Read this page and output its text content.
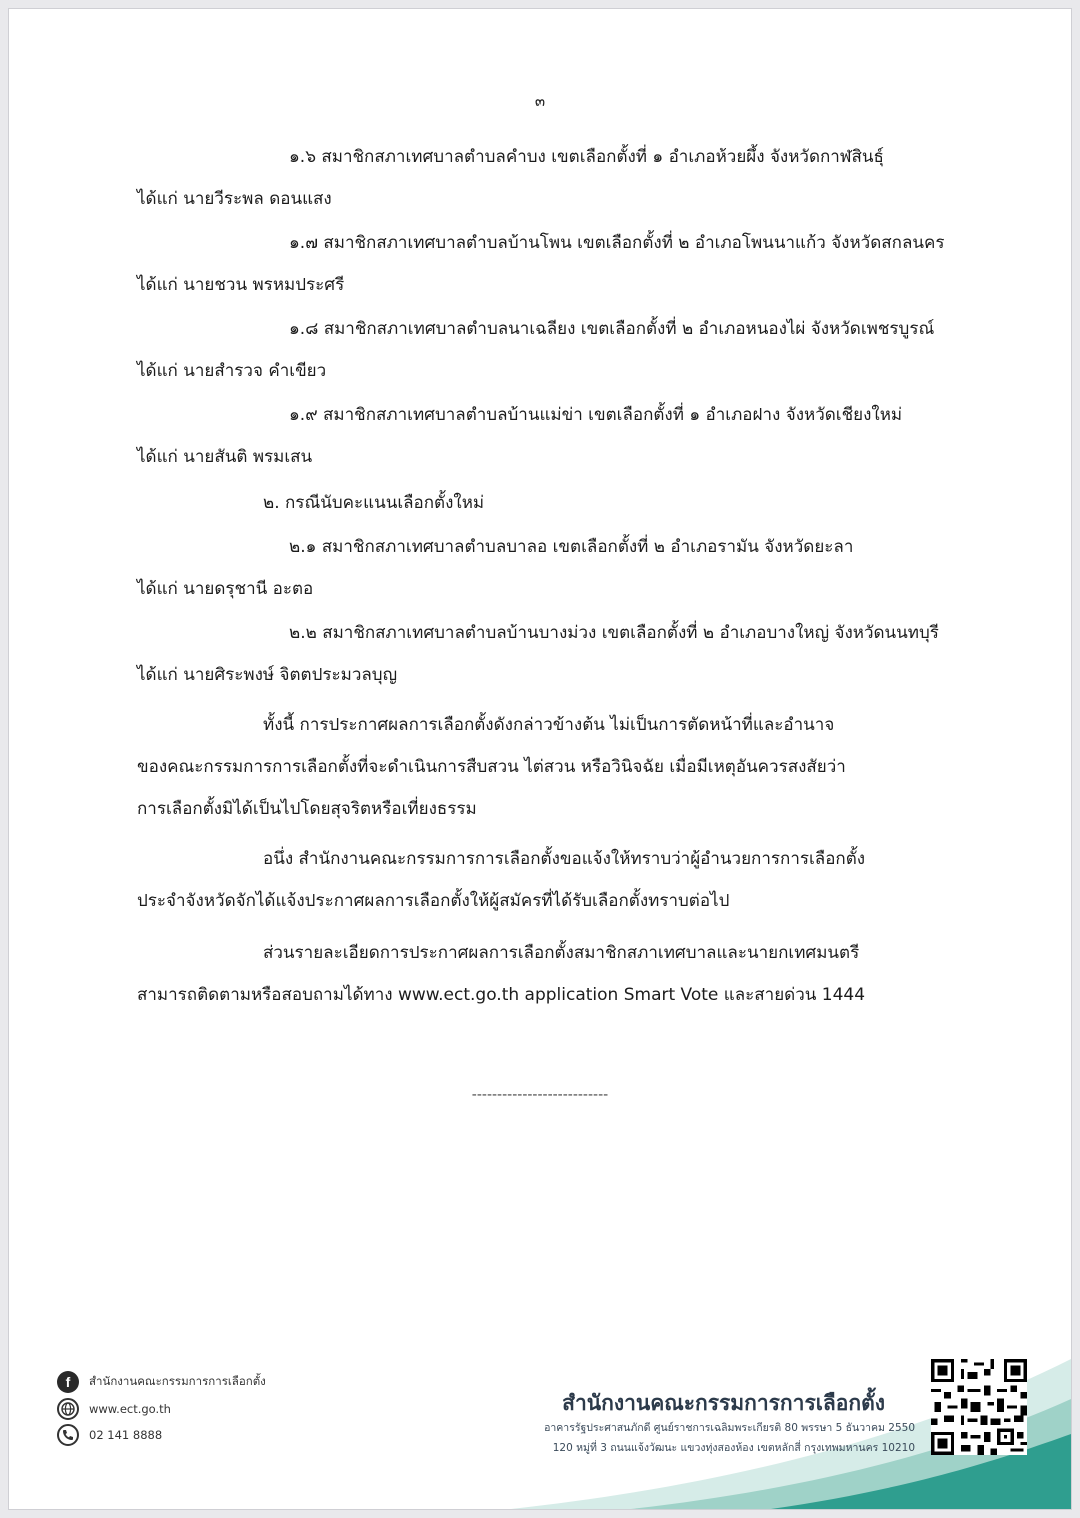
๓
๑.๖ สมาชิกสภาเทศบาลตำบลคำบง เขตเลือกตั้งที่ ๑ อำเภอห้วยผึ้ง จังหวัดกาฬสินธุ์
ได้แก่ นายวีระพล ดอนแสง
๑.๗ สมาชิกสภาเทศบาลตำบลบ้านโพน เขตเลือกตั้งที่ ๒ อำเภอโพนนาแก้ว จังหวัดสกลนคร
ได้แก่ นายชวน พรหมประศรี
๑.๘ สมาชิกสภาเทศบาลตำบลนาเฉลียง เขตเลือกตั้งที่ ๒ อำเภอหนองไผ่ จังหวัดเพชรบูรณ์
ได้แก่ นายสำรวจ คำเขียว
๑.๙ สมาชิกสภาเทศบาลตำบลบ้านแม่ข่า เขตเลือกตั้งที่ ๑ อำเภอฝาง จังหวัดเชียงใหม่
ได้แก่ นายสันติ พรมเสน
๒. กรณีนับคะแนนเลือกตั้งใหม่
๒.๑ สมาชิกสภาเทศบาลตำบลบาลอ เขตเลือกตั้งที่ ๒ อำเภอรามัน จังหวัดยะลา
ได้แก่ นายดรุชานี อะตอ
๒.๒ สมาชิกสภาเทศบาลตำบลบ้านบางม่วง เขตเลือกตั้งที่ ๒ อำเภอบางใหญ่ จังหวัดนนทบุรี
ได้แก่ นายศิระพงษ์ จิตตประมวลบุญ
ทั้งนี้ การประกาศผลการเลือกตั้งดังกล่าวข้างต้น ไม่เป็นการตัดหน้าที่และอำนาจ
ของคณะกรรมการการเลือกตั้งที่จะดำเนินการสืบสวน ไต่สวน หรือวินิจฉัย เมื่อมีเหตุอันควรสงสัยว่า
การเลือกตั้งมิได้เป็นไปโดยสุจริตหรือเที่ยงธรรม
อนึ่ง สำนักงานคณะกรรมการการเลือกตั้งขอแจ้งให้ทราบว่าผู้อำนวยการการเลือกตั้ง
ประจำจังหวัดจักได้แจ้งประกาศผลการเลือกตั้งให้ผู้สมัครที่ได้รับเลือกตั้งทราบต่อไป
ส่วนรายละเอียดการประกาศผลการเลือกตั้งสมาชิกสภาเทศบาลและนายกเทศมนตรี
สามารถติดตามหรือสอบถามได้ทาง www.ect.go.th application Smart Vote และสายด่วน 1444
---------------------------
f	สำนักงานคณะกรรมการการเลือกตั้ง
www.ect.go.th
02 141 8888
สำนักงานคณะกรรมการการเลือกตั้ง
อาคารรัฐประศาสนภักดี ศูนย์ราชการเฉลิมพระเกียรติ 80 พรรษา 5 ธันวาคม 2550
120 หมู่ที่ 3 ถนนแจ้งวัฒนะ แขวงทุ่งสองห้อง เขตหลักสี่ กรุงเทพมหานคร 10210
